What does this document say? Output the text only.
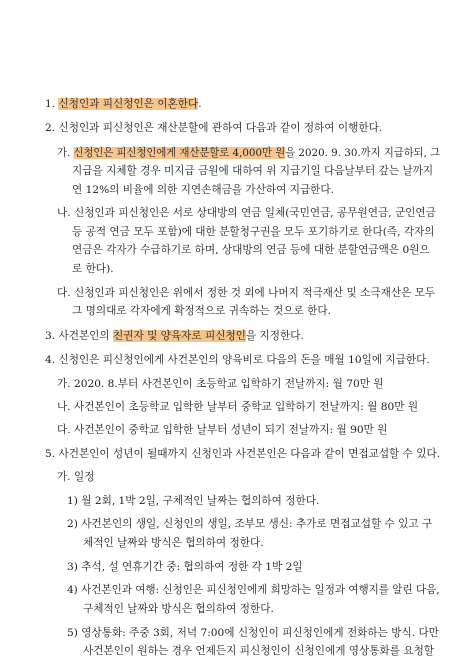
1. 신청인과 피신청인은 이혼한다.
2. 신청인과 피신청인은 재산분할에 관하여 다음과 같이 정하여 이행한다.
가. 신청인은 피신청인에게 재산분할로 4,000만 원을 2020. 9. 30.까지 지급하되, 그
지급을 지체할 경우 미지급 금원에 대하여 위 지급기일 다음날부터 갚는 날까지
연 12%의 비율에 의한 지연손해금을 가산하여 지급한다.
나. 신청인과 피신청인은 서로 상대방의 연금 일체(국민연금, 공무원연금, 군인연금
등 공적 연금 모두 포함)에 대한 분할청구권을 모두 포기하기로 한다(즉, 각자의
연금은 각자가 수급하기로 하며, 상대방의 연금 등에 대한 분할연금액은 0원으
로 한다).
다. 신청인과 피신청인은 위에서 정한 것 외에 나머지 적극재산 및 소극재산은 모두
그 명의대로 각자에게 확정적으로 귀속하는 것으로 한다.
3. 사건본인의 친권자 및 양육자로 피신청인을 지정한다.
4. 신청인은 피신청인에게 사건본인의 양육비로 다음의 돈을 매월 10일에 지급한다.
가. 2020. 8.부터 사건본인이 초등학교 입학하기 전날까지: 월 70만 원
나. 사건본인이 초등학교 입학한 날부터 중학교 입학하기 전날까지: 월 80만 원
다. 사건본인이 중학교 입학한 날부터 성년이 되기 전날까지: 월 90만 원
5. 사건본인이 성년이 될때까지 신청인과 사건본인은 다음과 같이 면접교섭할 수 있다.
가. 일정
1) 월 2회, 1박 2일, 구체적인 날짜는 협의하여 정한다.
2) 사건본인의 생일, 신청인의 생일, 조부모 생신: 추가로 면접교섭할 수 있고 구
체적인 날짜와 방식은 협의하여 정한다.
3) 추석, 설 연휴기간 중: 협의하여 정한 각 1박 2일
4) 사건본인과 여행: 신청인은 피신청인에게 희망하는 일정과 여행지를 알린 다음,
구체적인 날짜와 방식은 협의하여 정한다.
5) 영상통화: 주중 3회, 저녁 7:00에 신청인이 피신청인에게 전화하는 방식. 다만
사건본인이 원하는 경우 언제든지 피신청인이 신청인에게 영상통화를 요청할
